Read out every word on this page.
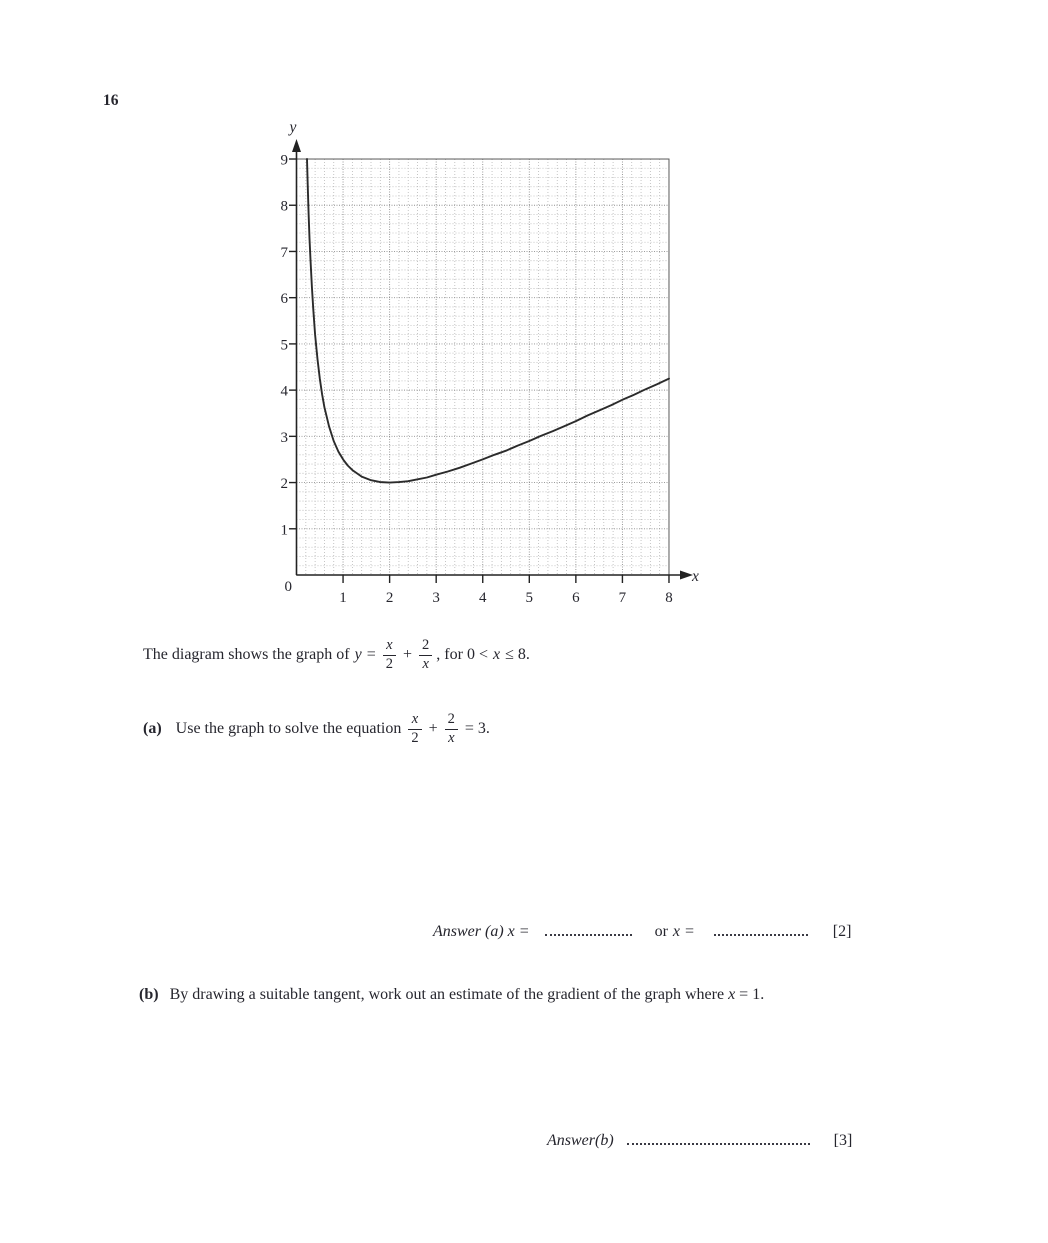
16
1
2
3
4
5
6
7
8
9
1	2	3	4	5	6	7	8
0
y
x
The diagram shows the graph of $y = \frac{x}{2} + \frac{2}{x}$ , for 0 < x ≤ 8.
(a) Use the graph to solve the equation $\frac{x}{2} + \frac{2}{x} = 3$.
Answer (a) x =	or x =	[2]
(b) By drawing a suitable tangent, work out an estimate of the gradient of the graph where x = 1.
Answer(b)	[3]
